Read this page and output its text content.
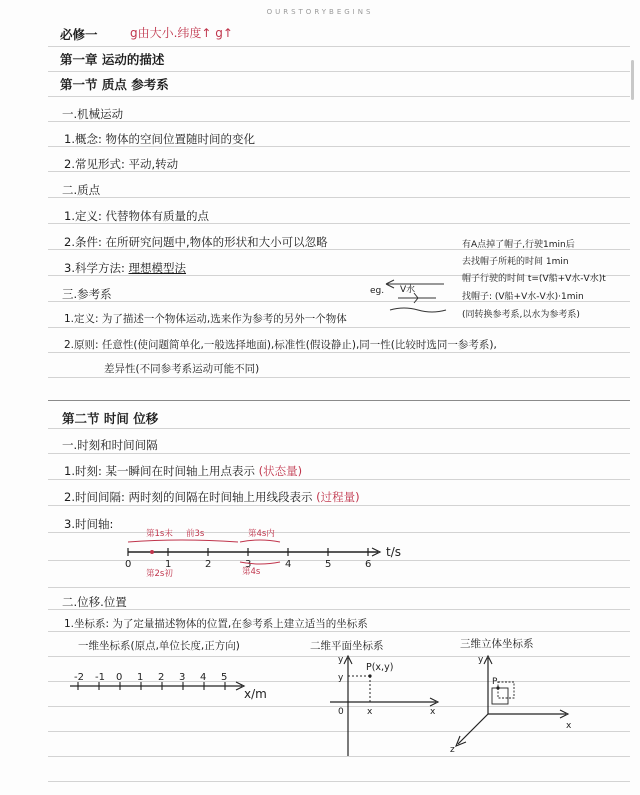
OURSTORYBEGINS
必修一	g由大小.纬度↑ g↑
第一章 运动的描述
第一节 质点 参考系
一.机械运动
1.概念: 物体的空间位置随时间的变化
2.常见形式: 平动,转动
二.质点
1.定义: 代替物体有质量的点
2.条件: 在所研究问题中,物体的形状和大小可以忽略
3.科学方法: 理想模型法
三.参考系
1.定义: 为了描述一个物体运动,选来作为参考的另外一个物体
2.原则: 任意性(使问题简单化,一般选择地面),标准性(假设静止),同一性(比较时选同一参考系),
差异性(不同参考系运动可能不同)
有A点掉了帽子,行驶1min后
去找帽子所耗的时间 1min
帽子行驶的时间 t=(V船+V水-V水)t
找帽子: (V船+V水-V水)·1min
(同转换参考系,以水为参考系)
eg. V水
第二节 时间 位移
一.时刻和时间间隔
1.时刻: 某一瞬间在时间轴上用点表示 (状态量)
2.时间间隔: 两时刻的间隔在时间轴上用线段表示 (过程量)
3.时间轴:
0	1	2	3	4	5	6
t/s
第1s末 前3s	第4s内
第2s初	第4s
二.位移.位置
1.坐标系: 为了定量描述物体的位置,在参考系上建立适当的坐标系
一维坐标系(原点,单位长度,正方向)	二维平面坐标系	三维立体坐标系
-2 -1 0 1 2 3 4 5
x/m
P(x,y)
y
x
0
y
x
P
y
x
z
